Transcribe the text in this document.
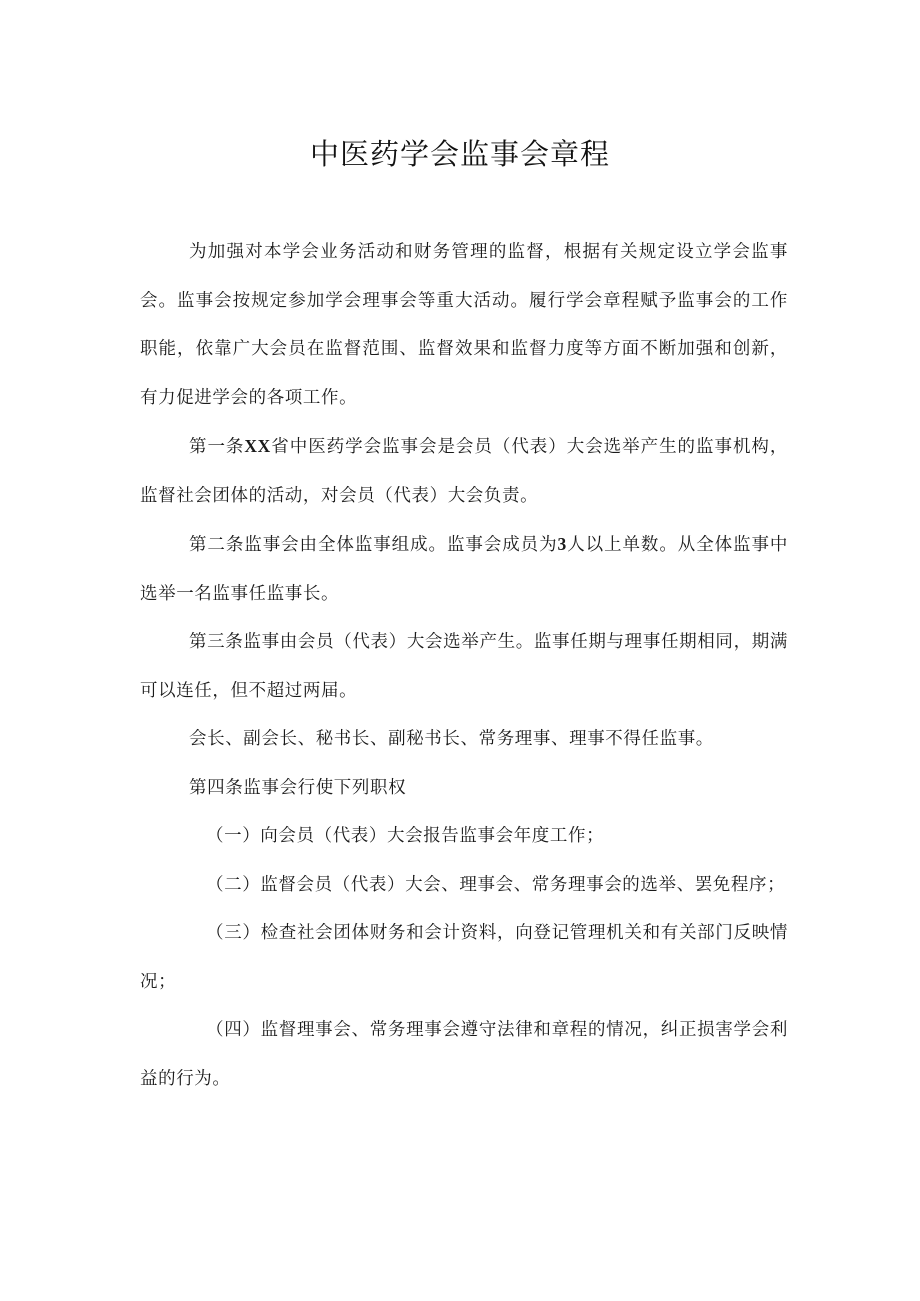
中医药学会监事会章程

为加强对本学会业务活动和财务管理的监督，根据有关规定设立学会监事会。监事会按规定参加学会理事会等重大活动。履行学会章程赋予监事会的工作职能，依靠广大会员在监督范围、监督效果和监督力度等方面不断加强和创新，有力促进学会的各项工作。

第一条XX省中医药学会监事会是会员（代表）大会选举产生的监事机构，监督社会团体的活动，对会员（代表）大会负责。

第二条监事会由全体监事组成。监事会成员为3人以上单数。从全体监事中选举一名监事任监事长。

第三条监事由会员（代表）大会选举产生。监事任期与理事任期相同，期满可以连任，但不超过两届。

会长、副会长、秘书长、副秘书长、常务理事、理事不得任监事。

第四条监事会行使下列职权

（一）向会员（代表）大会报告监事会年度工作；

（二）监督会员（代表）大会、理事会、常务理事会的选举、罢免程序；

（三）检查社会团体财务和会计资料，向登记管理机关和有关部门反映情况；

（四）监督理事会、常务理事会遵守法律和章程的情况，纠正损害学会利益的行为。
